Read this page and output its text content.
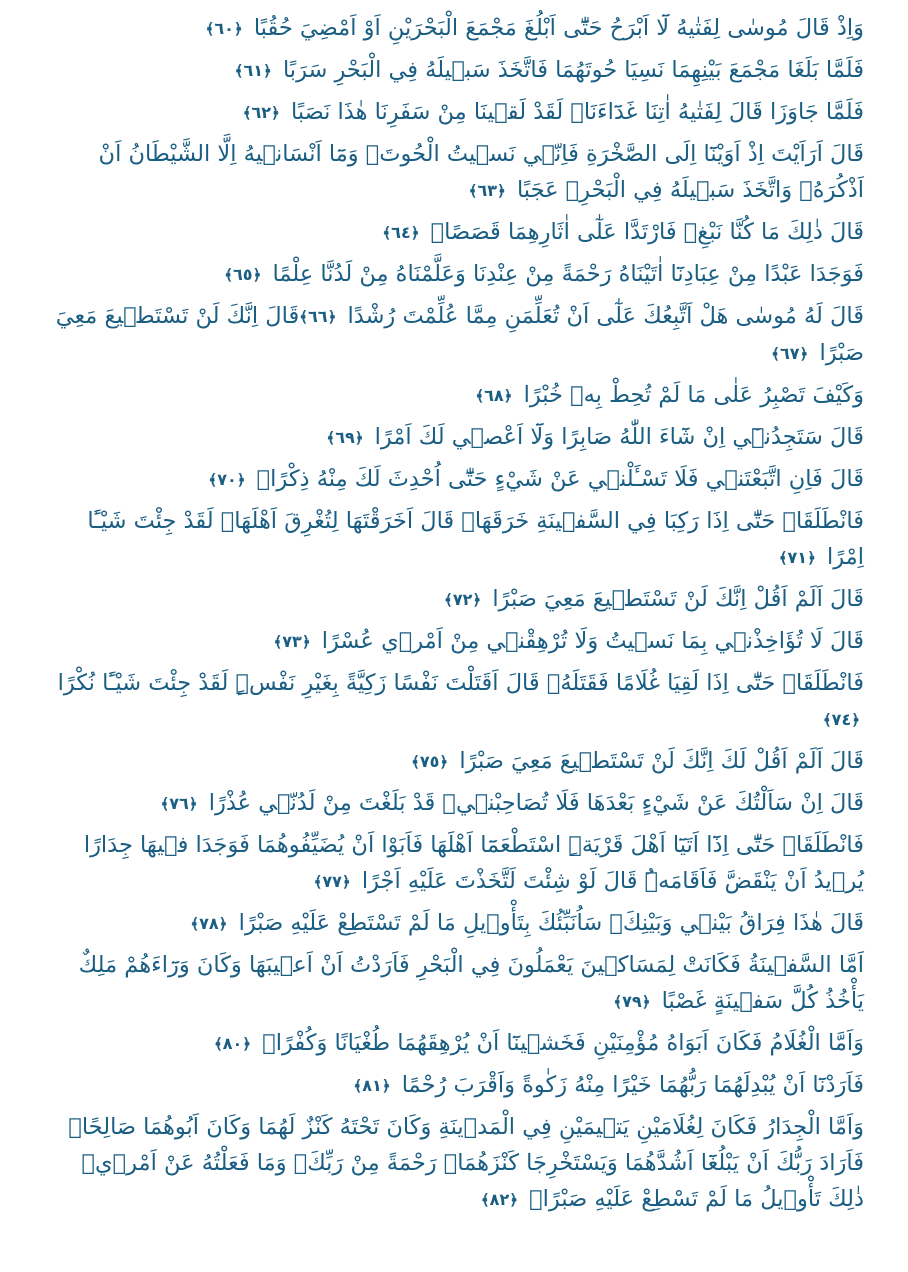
وَاِذْ قَالَ مُوسٰى لِفَتٰيهُ لَٓا اَبْرَحُ حَتّٰٓى اَبْلُغَ مَجْمَعَ الْبَحْرَيْنِ اَوْ اَمْضِيَ حُقُبًا ﴿٦٠﴾
فَلَمَّا بَلَغَا مَجْمَعَ بَيْنِهِمَا نَسِيَا حُوتَهُمَا فَاتَّخَذَ سَبٖيلَهُ فِي الْبَحْرِ سَرَبًا ﴿٦١﴾
فَلَمَّا جَاوَزَا قَالَ لِفَتٰيهُ اٰتِنَا غَدَٓاءَنَاۘ لَقَدْ لَقٖينَا مِنْ سَفَرِنَا هٰذَا نَصَبًا ﴿٦٢﴾
قَالَ اَرَاَيْتَ اِذْ اَوَيْنَٓا اِلَى الصَّخْرَةِ فَاِنّٖي نَسٖيتُ الْحُوتَۘ وَمَٓا اَنْسَانٖيهُ اِلَّا الشَّيْطَانُ اَنْ اَذْكُرَهُۚ وَاتَّخَذَ سَبٖيلَهُ فِي الْبَحْرِۗ عَجَبًا ﴿٦٣﴾
قَالَ ذٰلِكَ مَا كُنَّا نَبْغِۗ فَارْتَدَّا عَلٰٓى اٰثَارِهِمَا قَصَصًاۙ ﴿٦٤﴾
فَوَجَدَا عَبْدًا مِنْ عِبَادِنَٓا اٰتَيْنَاهُ رَحْمَةً مِنْ عِنْدِنَا وَعَلَّمْنَاهُ مِنْ لَدُنَّا عِلْمًا ﴿٦٥﴾
قَالَ لَهُ مُوسٰى هَلْ اَتَّبِعُكَ عَلٰٓى اَنْ تُعَلِّمَنِ مِمَّا عُلِّمْتَ رُشْدًا ﴿٦٦﴾قَالَ اِنَّكَ لَنْ تَسْتَطٖيعَ مَعِيَ صَبْرًا ﴿٦٧﴾
وَكَيْفَ تَصْبِرُ عَلٰى مَا لَمْ تُحِطْ بِهٖ خُبْرًا ﴿٦٨﴾
قَالَ سَتَجِدُنٖٓي اِنْ شَٓاءَ اللّٰهُ صَابِرًا وَلَٓا اَعْصٖي لَكَ اَمْرًا ﴿٦٩﴾
قَالَ فَاِنِ اتَّبَعْتَنٖي فَلَا تَسْـَٔلْنٖي عَنْ شَيْءٍ حَتّٰٓى اُحْدِثَ لَكَ مِنْهُ ذِكْرًاۚ ﴿٧٠﴾
فَانْطَلَقَاࣞ حَتّٰٓى اِذَا رَكِبَا فِي السَّفٖينَةِ خَرَقَهَاۜ قَالَ اَخَرَقْتَهَا لِتُغْرِقَ اَهْلَهَاۚ لَقَدْ جِئْتَ شَيْـًٔا اِمْرًا ﴿٧١﴾
قَالَ اَلَمْ اَقُلْ اِنَّكَ لَنْ تَسْتَطٖيعَ مَعِيَ صَبْرًا ﴿٧٢﴾
قَالَ لَا تُؤَاخِذْنٖي بِمَا نَسٖيتُ وَلَا تُرْهِقْنٖي مِنْ اَمْرٖي عُسْرًا ﴿٧٣﴾
فَانْطَلَقَاࣞ حَتّٰٓى اِذَا لَقِيَا غُلَامًا فَقَتَلَهُۙ قَالَ اَقَتَلْتَ نَفْسًا زَكِيَّةً بِغَيْرِ نَفْسٍۜ لَقَدْ جِئْتَ شَيْـًٔا نُكْرًا ﴿٧٤﴾
قَالَ اَلَمْ اَقُلْ لَكَ اِنَّكَ لَنْ تَسْتَطٖيعَ مَعِيَ صَبْرًا ﴿٧٥﴾
قَالَ اِنْ سَاَلْتُكَ عَنْ شَيْءٍ بَعْدَهَا فَلَا تُصَاحِبْنٖيۚ قَدْ بَلَغْتَ مِنْ لَدُنّٖي عُذْرًا ﴿٧٦﴾
فَانْطَلَقَاࣞ حَتّٰٓى اِذَٓا اَتَيَٓا اَهْلَ قَرْيَةِۨ اسْتَطْعَمَٓا اَهْلَهَا فَاَبَوْا اَنْ يُضَيِّفُوهُمَا فَوَجَدَا فٖيهَا جِدَارًا يُرٖيدُ اَنْ يَنْقَضَّ فَاَقَامَهُۜ قَالَ لَوْ شِئْتَ لَتَّخَذْتَ عَلَيْهِ اَجْرًا ﴿٧٧﴾
قَالَ هٰذَا فِرَاقُ بَيْنٖي وَبَيْنِكَۚ سَاُنَبِّئُكَ بِتَأْوٖيلِ مَا لَمْ تَسْتَطِعْ عَلَيْهِ صَبْرًا ﴿٧٨﴾
اَمَّا السَّفٖينَةُ فَكَانَتْ لِمَسَاكٖينَ يَعْمَلُونَ فِي الْبَحْرِ فَاَرَدْتُ اَنْ اَعٖيبَهَا وَكَانَ وَرَٓاءَهُمْ مَلِكٌ يَأْخُذُ كُلَّ سَفٖينَةٍ غَصْبًا ﴿٧٩﴾
وَاَمَّا الْغُلَامُ فَكَانَ اَبَوَاهُ مُؤْمِنَيْنِ فَخَشٖينَٓا اَنْ يُرْهِقَهُمَا طُغْيَانًا وَكُفْرًاۚ ﴿٨٠﴾
فَاَرَدْنَٓا اَنْ يُبْدِلَهُمَا رَبُّهُمَا خَيْرًا مِنْهُ زَكٰوةً وَاَقْرَبَ رُحْمًا ﴿٨١﴾
وَاَمَّا الْجِدَارُ فَكَانَ لِغُلَامَيْنِ يَتٖيمَيْنِ فِي الْمَدٖينَةِ وَكَانَ تَحْتَهُ كَنْزٌ لَهُمَا وَكَانَ اَبُوهُمَا صَالِحًاۚ فَاَرَادَ رَبُّكَ اَنْ يَبْلُغَٓا اَشُدَّهُمَا وَيَسْتَخْرِجَا كَنْزَهُمَاۗ رَحْمَةً مِنْ رَبِّكَۚ وَمَا فَعَلْتُهُ عَنْ اَمْرٖيۜ ذٰلِكَ تَأْوٖيلُ مَا لَمْ تَسْطِعْ عَلَيْهِ صَبْرًاۜ ﴿٨٢﴾
